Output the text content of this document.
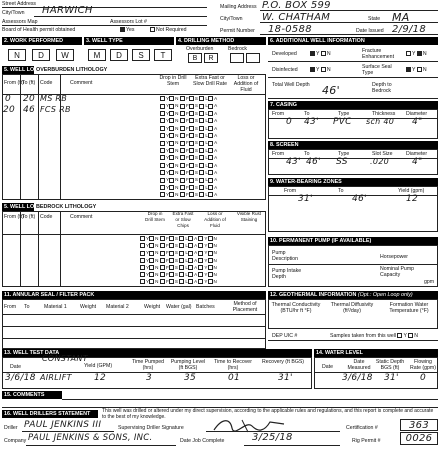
Street Address
City/Town HARWICH
Assessors Map	Assessors Lot #
Board of Health permit obtained	Yes	Not Required
Mailing Address P.O. BOX 599
City/Town W. CHATHAM	State MA
Permit Number 18-0588	Date Issued 2/9/18
2. WORK PERFORMED	3. WELL TYPE	4. DRILLING METHOD	6. ADDITIONAL WELL INFORMATION
N	D	W	M	D	S	T
Overburden	Bedrock
B	R
Developed	Y N	Fracture Enhancement	Y N
Disinfected	Y N	Surface Seal Type	Y N
Total Well Depth 46'	Depth to Bedrock
5. WELL LOG
OVERBURDEN LITHOLOGY
From (ft)
To (ft) Code	Comment
Drop in Drill Stem
Extra Fast or Slow Drill Rate
Loss or Addition of Fluid
0 20 MS RB
20 46 FCS RB
Y N F S L A
Y N F S L A
Y N F S L A
Y N F S L A
Y N F S L A
Y N F S L A
Y N F S L A
Y N F S L A
Y N F S L A
Y N F S L A
Y N F S L A
Y N F S L A
Y N F S L A
Y N F S L A
7. CASING
From	To	Type	Thickness Diameter
0 43' PVC sch 40 4"
8. SCREEN
From	To	Type	Slot Size	Diameter
43' 46' SS	.020	4"
5. WELL LOG
BEDROCK LITHOLOGY
From (ft)
To (ft) Code	Comment
Drop in Drill Stem
Extra Fast or Slow Chips
Loss or Addition of Fluid
Visible Rust Staining
Y N F S L A Y N
Y N F S L A Y N
Y N F S L A Y N
Y N F S L A Y N
Y N F S L A Y N
Y N F S L A Y N
Y N F S L A Y N
9. WATER-BEARING ZONES
From	To	Yield (gpm)
31'	46'	12
10. PERMANENT PUMP (IF AVAILABLE)
Pump Description	Horsepower
Pump Intake Depth
Nominal Pump Capacity
gpm
11. ANNULAR SEAL / FILTER PACK
From To	Material 1	Weight Material 2	Weight Water (gal) Batches	Method of Placement
12. GEOTHERMAL INFORMATION (Opt.: Open Loop only)
Thermal Conductivity (BTU/hr ft °F)
Thermal Diffusivity (ft²/day)
Formation Water Temperature (°F)
DEP UIC #	Samples taken from this well Y N
13. WELL TEST DATA
Date	Yield (GPM)
Time Pumped (hrs)
Pumping Level (ft BGS)
Time to Recover (hrs)
Recovery (ft BGS)
CONSTANT
3/6/18 AIRLIFT 12	3	35	01	31'
14. WATER LEVEL
Date
Date Measured
Static Depth BGS (ft)
Flowing Rate (gpm)
3/6/18 31' 0
15. COMMENTS
16. WELL DRILLERS STATEMENT	This well was drilled or altered under my direct supervision, according to the applicable rules and regulations, and this report is complete and accurate to the best of my knowledge.
Driller PAUL JENKINS III	Supervising Driller Signature	Certification #	363
Company PAUL JENKINS & SONS, INC.	Date Job Complete	3/25/18	Rig Permit #	0026
